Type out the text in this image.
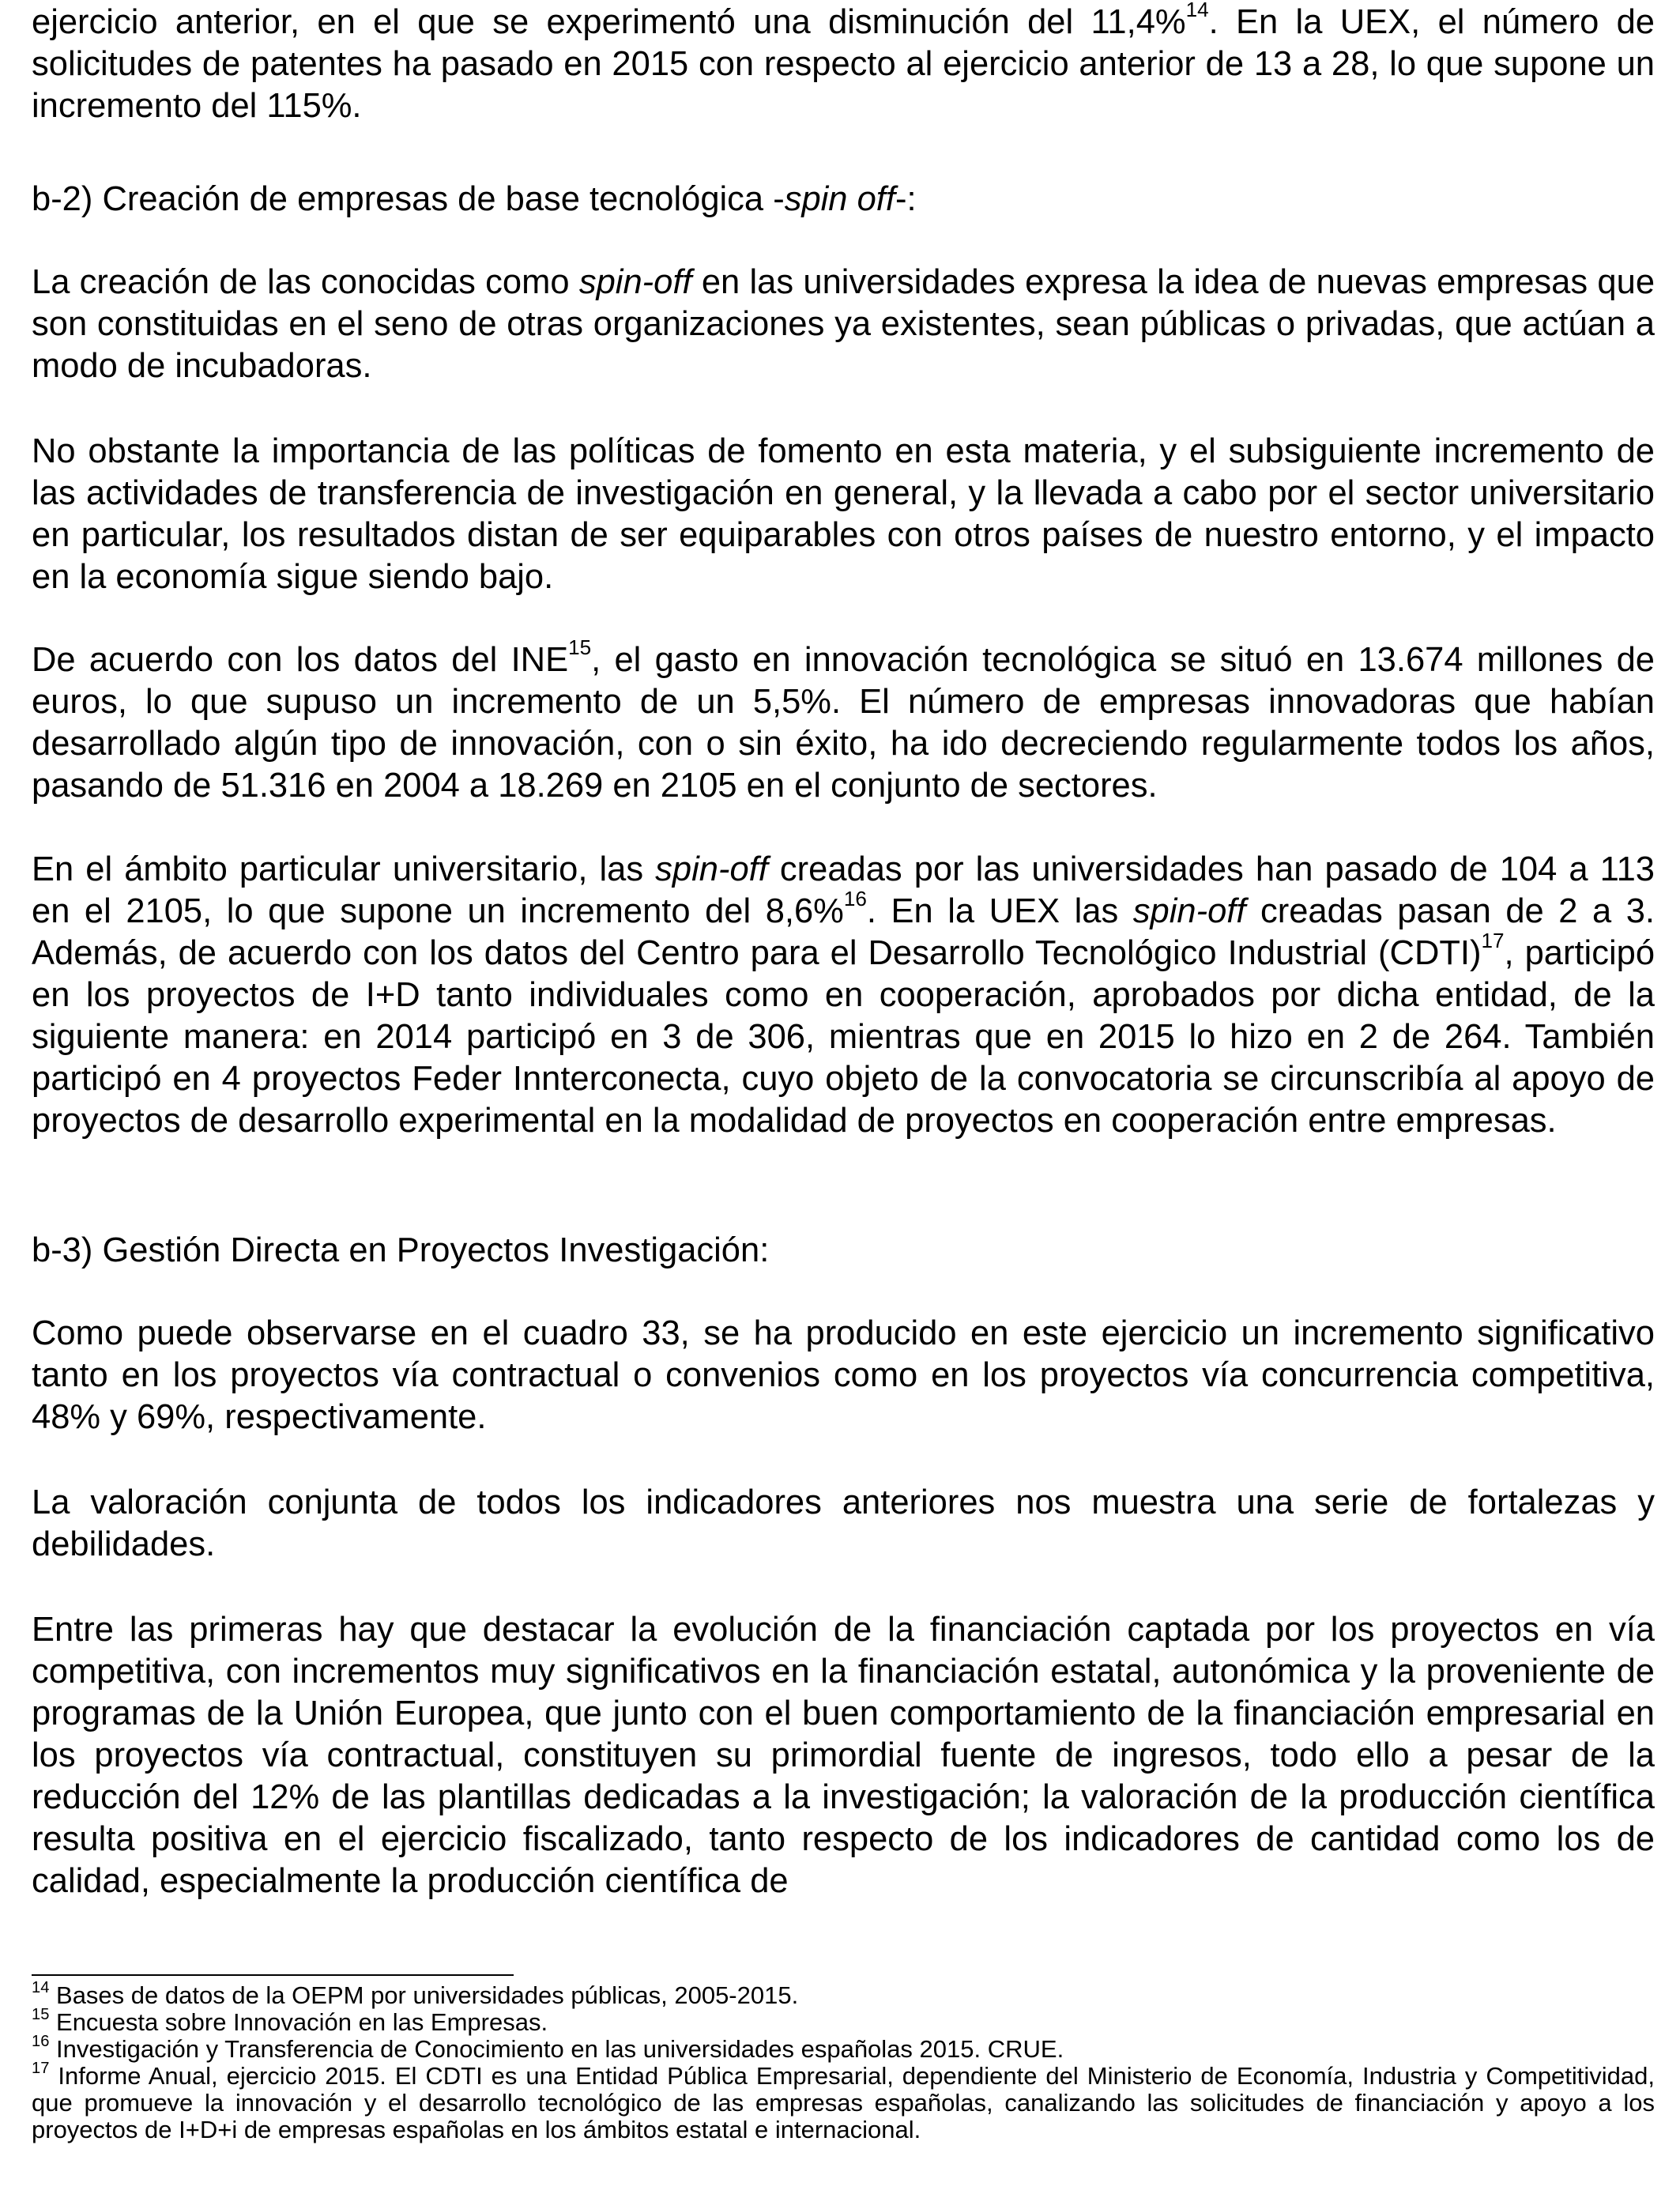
ejercicio anterior, en el que se experimentó una disminución del 11,4%$^{14}$. En la UEX, el número de solicitudes de patentes ha pasado en 2015 con respecto al ejercicio anterior de 13 a 28, lo que supone un incremento del 115%.

b-2) Creación de empresas de base tecnológica -spin off-:

La creación de las conocidas como spin-off en las universidades expresa la idea de nuevas empresas que son constituidas en el seno de otras organizaciones ya existentes, sean públicas o privadas, que actúan a modo de incubadoras.

No obstante la importancia de las políticas de fomento en esta materia, y el subsiguiente incremento de las actividades de transferencia de investigación en general, y la llevada a cabo por el sector universitario en particular, los resultados distan de ser equiparables con otros países de nuestro entorno, y el impacto en la economía sigue siendo bajo.

De acuerdo con los datos del INE$^{15}$, el gasto en innovación tecnológica se situó en 13.674 millones de euros, lo que supuso un incremento de un 5,5%. El número de empresas innovadoras que habían desarrollado algún tipo de innovación, con o sin éxito, ha ido decreciendo regularmente todos los años, pasando de 51.316 en 2004 a 18.269 en 2105 en el conjunto de sectores.

En el ámbito particular universitario, las spin-off creadas por las universidades han pasado de 104 a 113 en el 2105, lo que supone un incremento del 8,6%$^{16}$. En la UEX las spin-off creadas pasan de 2 a 3. Además, de acuerdo con los datos del Centro para el Desarrollo Tecnológico Industrial (CDTI)$^{17}$, participó en los proyectos de I+D tanto individuales como en cooperación, aprobados por dicha entidad, de la siguiente manera: en 2014 participó en 3 de 306, mientras que en 2015 lo hizo en 2 de 264. También participó en 4 proyectos Feder Innterconecta, cuyo objeto de la convocatoria se circunscribía al apoyo de proyectos de desarrollo experimental en la modalidad de proyectos en cooperación entre empresas.

b-3) Gestión Directa en Proyectos Investigación:

Como puede observarse en el cuadro 33, se ha producido en este ejercicio un incremento significativo tanto en los proyectos vía contractual o convenios como en los proyectos vía concurrencia competitiva, 48% y 69%, respectivamente.

La valoración conjunta de todos los indicadores anteriores nos muestra una serie de fortalezas y debilidades.

Entre las primeras hay que destacar la evolución de la financiación captada por los proyectos en vía competitiva, con incrementos muy significativos en la financiación estatal, autonómica y la proveniente de programas de la Unión Europea, que junto con el buen comportamiento de la financiación empresarial en los proyectos vía contractual, constituyen su primordial fuente de ingresos, todo ello a pesar de la reducción del 12% de las plantillas dedicadas a la investigación; la valoración de la producción científica resulta positiva en el ejercicio fiscalizado, tanto respecto de los indicadores de cantidad como los de calidad, especialmente la producción científica de

$^{14}$ Bases de datos de la OEPM por universidades públicas, 2005-2015.

$^{15}$ Encuesta sobre Innovación en las Empresas.

$^{16}$ Investigación y Transferencia de Conocimiento en las universidades españolas 2015. CRUE.

$^{17}$ Informe Anual, ejercicio 2015. El CDTI es una Entidad Pública Empresarial, dependiente del Ministerio de Economía, Industria y Competitividad, que promueve la innovación y el desarrollo tecnológico de las empresas españolas, canalizando las solicitudes de financiación y apoyo a los proyectos de I+D+i de empresas españolas en los ámbitos estatal e internacional.
